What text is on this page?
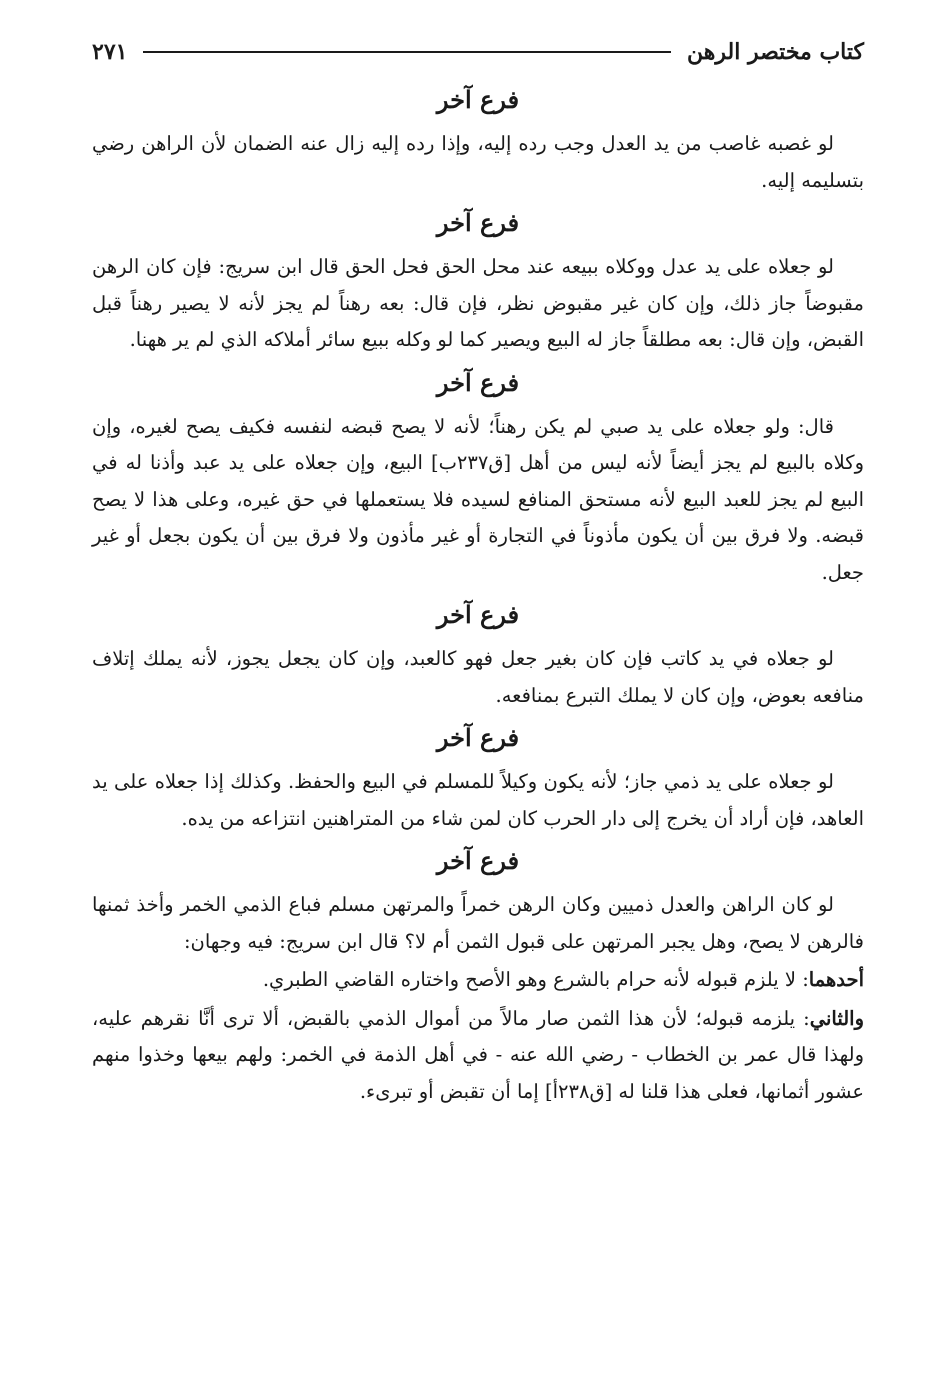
كتاب مختصر الرهن
٢٧١
فرع آخر

لو غصبه غاصب من يد العدل وجب رده إليه، وإذا رده إليه زال عنه الضمان لأن الراهن رضي بتسليمه إليه.

فرع آخر

لو جعلاه على يد عدل ووكلاه ببيعه عند محل الحق فحل الحق قال ابن سريج: فإن كان الرهن مقبوضاً جاز ذلك، وإن كان غير مقبوض نظر، فإن قال: بعه رهناً لم يجز لأنه لا يصير رهناً قبل القبض، وإن قال: بعه مطلقاً جاز له البيع ويصير كما لو وكله ببيع سائر أملاكه الذي لم ير ههنا.

فرع آخر

قال: ولو جعلاه على يد صبي لم يكن رهناً؛ لأنه لا يصح قبضه لنفسه فكيف يصح لغيره، وإن وكلاه بالبيع لم يجز أيضاً لأنه ليس من أهل [ق٢٣٧ب] البيع، وإن جعلاه على يد عبد وأذنا له في البيع لم يجز للعبد البيع لأنه مستحق المنافع لسيده فلا يستعملها في حق غيره، وعلى هذا لا يصح قبضه. ولا فرق بين أن يكون مأذوناً في التجارة أو غير مأذون ولا فرق بين أن يكون بجعل أو غير جعل.

فرع آخر

لو جعلاه في يد كاتب فإن كان بغير جعل فهو كالعبد، وإن كان يجعل يجوز، لأنه يملك إتلاف منافعه بعوض، وإن كان لا يملك التبرع بمنافعه.

فرع آخر

لو جعلاه على يد ذمي جاز؛ لأنه يكون وكيلاً للمسلم في البيع والحفظ. وكذلك إذا جعلاه على يد العاهد، فإن أراد أن يخرج إلى دار الحرب كان لمن شاء من المتراهنين انتزاعه من يده.

فرع آخر

لو كان الراهن والعدل ذميين وكان الرهن خمراً والمرتهن مسلم فباع الذمي الخمر وأخذ ثمنها فالرهن لا يصح، وهل يجبر المرتهن على قبول الثمن أم لا؟ قال ابن سريج: فيه وجهان:

أحدهما: لا يلزم قبوله لأنه حرام بالشرع وهو الأصح واختاره القاضي الطبري.

والثاني: يلزمه قبوله؛ لأن هذا الثمن صار مالاً من أموال الذمي بالقبض، ألا ترى أنَّا نقرهم عليه، ولهذا قال عمر بن الخطاب - رضي الله عنه - في أهل الذمة في الخمر: ولهم بيعها وخذوا منهم عشور أثمانها، فعلى هذا قلنا له [ق٢٣٨أ] إما أن تقبض أو تبرىء.
